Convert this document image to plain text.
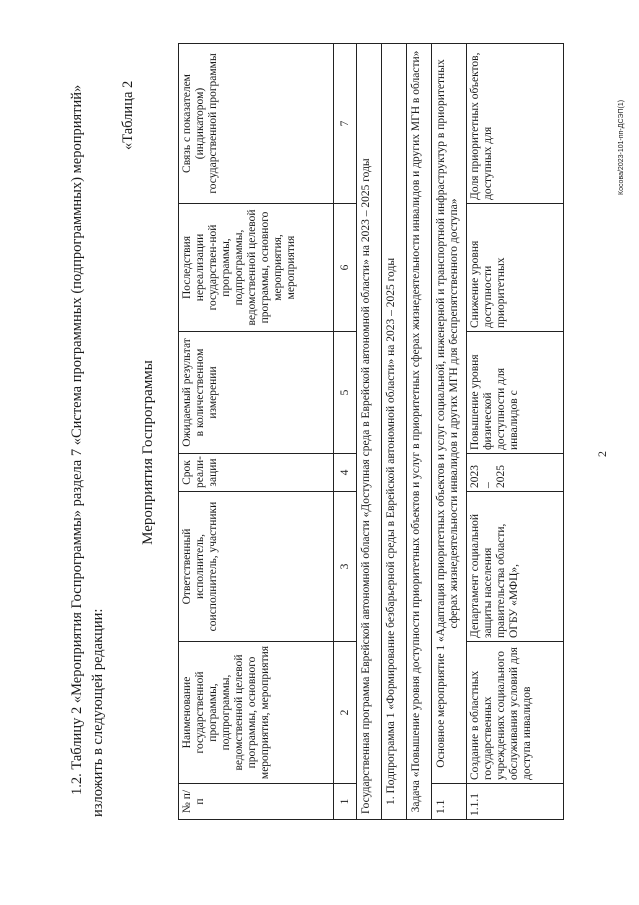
2
1.2. Таблицу 2 «Мероприятия Госпрограммы» раздела 7 «Система программных (подпрограммных) мероприятий» изложить в следующей редакции:
«Таблица 2
Мероприятия Госпрограммы
№ п/п	Наименование государственной программы, подпрограммы, ведомственной целевой программы, основного мероприятия, мероприятия	Ответственный исполнитель, соисполнитель, участники	Срок реали-зации	Ожидаемый результат в количественном измерении	Последствия нереализации государствен-ной программы, подпрограммы, ведомственной целевой программы, основного мероприятия, мероприятия	Связь с показателем (индикатором) государственной программы
1	2	3	4	5	6	7
Государственная программа Еврейской автономной области «Доступная среда в Еврейской автономной области» на 2023 – 2025 годы						
1. Подпрограмма 1 «Формирование безбарьерной среды в Еврейской автономной области» на 2023 – 2025 годы						
Задача «Повышение уровня доступности приоритетных объектов и услуг в приоритетных сферах жизнедеятельности инвалидов и других МГН в области»						
1.1	Основное мероприятие 1 «Адаптация приоритетных объектов и услуг социальной, инженерной и транспортной инфраструктур в приоритетных сферах жизнедеятельности инвалидов и других МГН для беспрепятственного доступа»					
1.1.1	Создание в областных государственных учреждениях социального обслуживания условий для доступа инвалидов	Департамент социальной защиты населения правительства области, ОГБУ «МФЦ»,	2023 – 2025	Повышение уровня физической доступности для инвалидов с	Снижение уровня доступности приоритетных	Доля приоритетных объектов, доступных для	Косова/2023-101-пп-ДСЭП(1)
